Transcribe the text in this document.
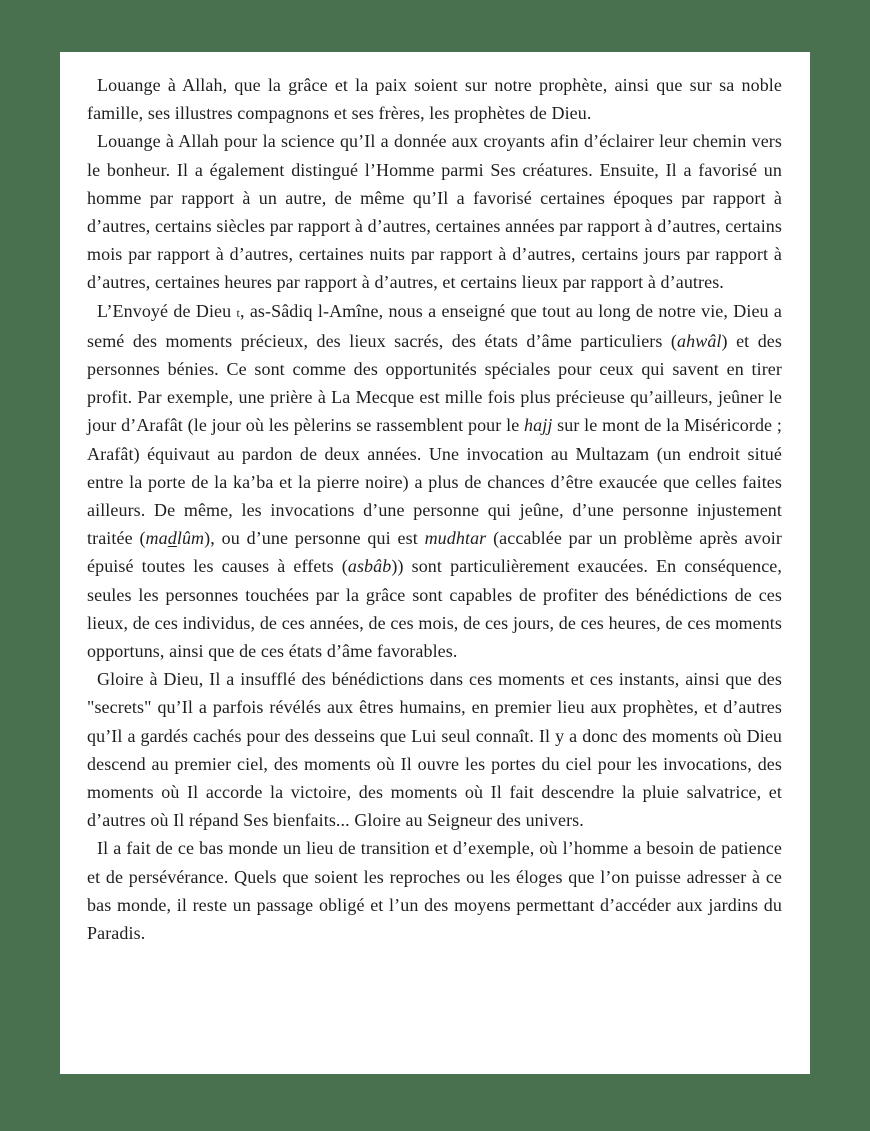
Louange à Allah, que la grâce et la paix soient sur notre prophète, ainsi que sur sa noble famille, ses illustres compagnons et ses frères, les prophètes de Dieu.

Louange à Allah pour la science qu’Il a donnée aux croyants afin d’éclairer leur chemin vers le bonheur. Il a également distingué l’Homme parmi Ses créatures. Ensuite, Il a favorisé un homme par rapport à un autre, de même qu’Il a favorisé certaines époques par rapport à d’autres, certains siècles par rapport à d’autres, certaines années par rapport à d’autres, certains mois par rapport à d’autres, certaines nuits par rapport à d’autres, certains jours par rapport à d’autres, certaines heures par rapport à d’autres, et certains lieux par rapport à d’autres.

L’Envoyé de Dieu t, as-Sâdiq l-Amîne, nous a enseigné que tout au long de notre vie, Dieu a semé des moments précieux, des lieux sacrés, des états d’âme particuliers (ahwâl) et des personnes bénies. Ce sont comme des opportunités spéciales pour ceux qui savent en tirer profit. Par exemple, une prière à La Mecque est mille fois plus précieuse qu’ailleurs, jeûner le jour d’Arafât (le jour où les pèlerins se rassemblent pour le hajj sur le mont de la Miséricorde ; Arafât) équivaut au pardon de deux années. Une invocation au Multazam (un endroit situé entre la porte de la ka’ba et la pierre noire) a plus de chances d’être exaucée que celles faites ailleurs. De même, les invocations d’une personne qui jeûne, d’une personne injustement traitée (madlûm), ou d’une personne qui est mudhtar (accablée par un problème après avoir épuisé toutes les causes à effets (asbâb)) sont particulièrement exaucées. En conséquence, seules les personnes touchées par la grâce sont capables de profiter des bénédictions de ces lieux, de ces individus, de ces années, de ces mois, de ces jours, de ces heures, de ces moments opportuns, ainsi que de ces états d’âme favorables.

Gloire à Dieu, Il a insufflé des bénédictions dans ces moments et ces instants, ainsi que des "secrets" qu’Il a parfois révélés aux êtres humains, en premier lieu aux prophètes, et d’autres qu’Il a gardés cachés pour des desseins que Lui seul connaît. Il y a donc des moments où Dieu descend au premier ciel, des moments où Il ouvre les portes du ciel pour les invocations, des moments où Il accorde la victoire, des moments où Il fait descendre la pluie salvatrice, et d’autres où Il répand Ses bienfaits... Gloire au Seigneur des univers.

Il a fait de ce bas monde un lieu de transition et d’exemple, où l’homme a besoin de patience et de persévérance. Quels que soient les reproches ou les éloges que l’on puisse adresser à ce bas monde, il reste un passage obligé et l’un des moyens permettant d’accéder aux jardins du Paradis.
